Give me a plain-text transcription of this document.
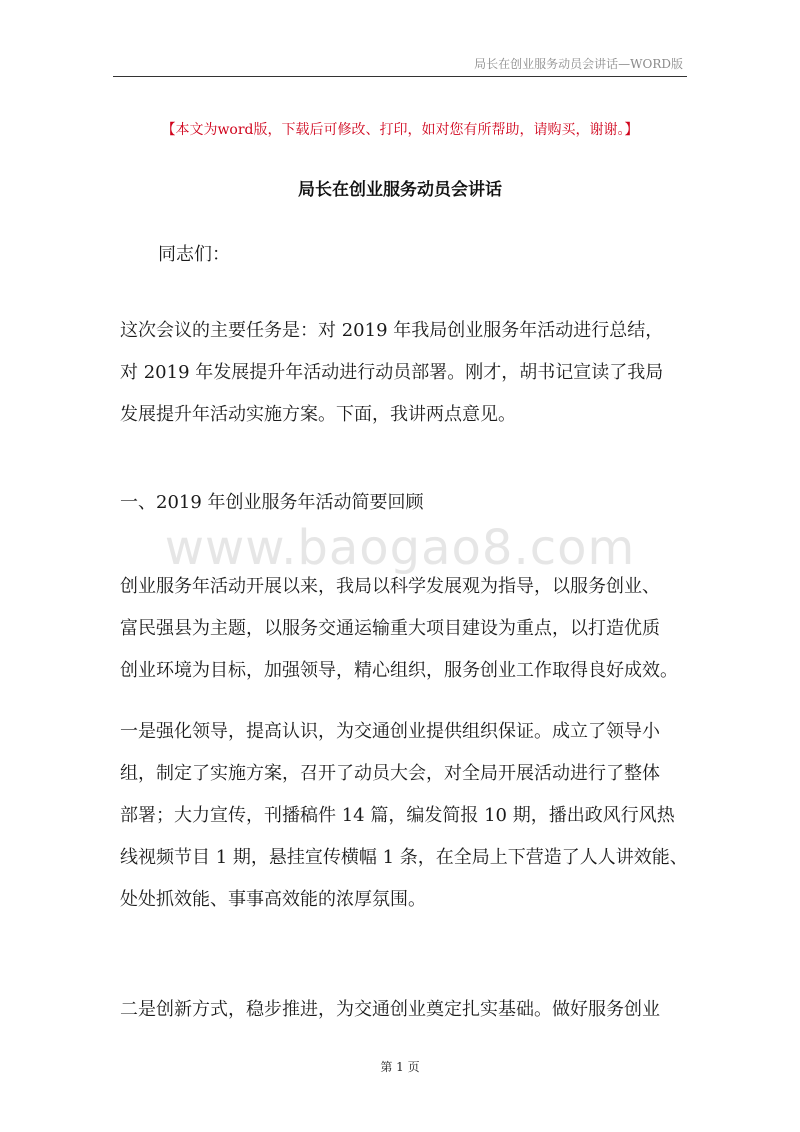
局长在创业服务动员会讲话—WORD版
【本文为word版，下载后可修改、打印，如对您有所帮助，请购买，谢谢。】
局长在创业服务动员会讲话
同志们：
www.baogao8.com
这次会议的主要任务是：对 2019 年我局创业服务年活动进行总结，
对 2019 年发展提升年活动进行动员部署。刚才，胡书记宣读了我局
发展提升年活动实施方案。下面，我讲两点意见。
一、2019 年创业服务年活动简要回顾
创业服务年活动开展以来，我局以科学发展观为指导，以服务创业、
富民强县为主题，以服务交通运输重大项目建设为重点，以打造优质
创业环境为目标，加强领导，精心组织，服务创业工作取得良好成效。
一是强化领导，提高认识，为交通创业提供组织保证。成立了领导小
组，制定了实施方案，召开了动员大会，对全局开展活动进行了整体
部署；大力宣传，刊播稿件 14 篇，编发简报 10 期，播出政风行风热
线视频节目 1 期，悬挂宣传横幅 1 条，在全局上下营造了人人讲效能、
处处抓效能、事事高效能的浓厚氛围。
二是创新方式，稳步推进，为交通创业奠定扎实基础。做好服务创业
第 1 页
